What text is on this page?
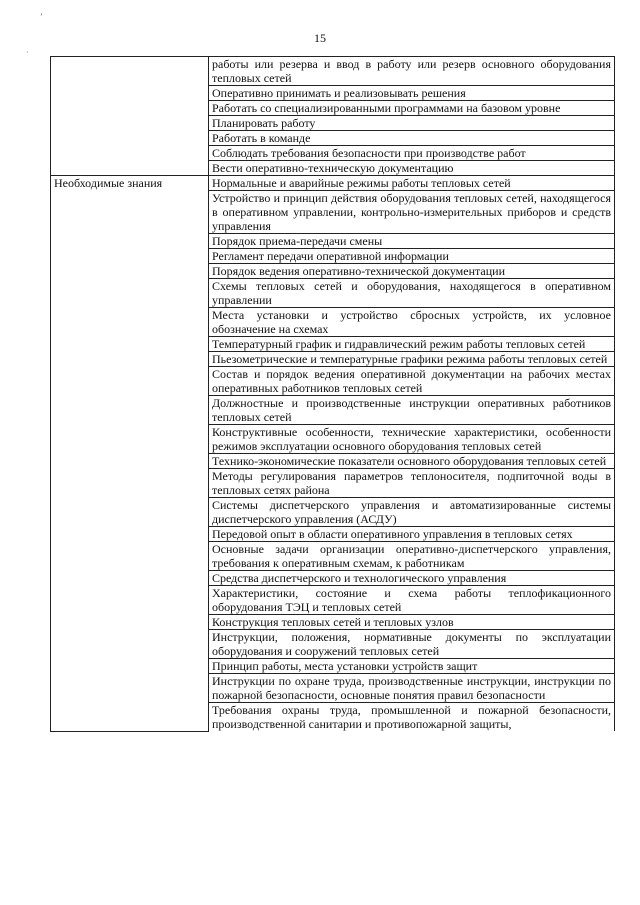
’
·
15
	работы или резерва и ввод в работу или резерв основного оборудования тепловых сетей
	Оперативно принимать и реализовывать решения
	Работать со специализированными программами на базовом уровне
	Планировать работу
	Работать в команде
	Соблюдать требования безопасности при производстве работ
	Вести оперативно-техническую документацию
Необходимые знания	Нормальные и аварийные режимы работы тепловых сетей
	Устройство и принцип действия оборудования тепловых сетей, находящегося в оперативном управлении, контрольно-измерительных приборов и средств управления
	Порядок приема-передачи смены
	Регламент передачи оперативной информации
	Порядок ведения оперативно-технической документации
	Схемы тепловых сетей и оборудования, находящегося в оперативном управлении
	Места установки и устройство сбросных устройств, их условное обозначение на схемах
	Температурный график и гидравлический режим работы тепловых сетей
	Пьезометрические и температурные графики режима работы тепловых сетей
	Состав и порядок ведения оперативной документации на рабочих местах оперативных работников тепловых сетей
	Должностные и производственные инструкции оперативных работников тепловых сетей
	Конструктивные особенности, технические характеристики, особенности режимов эксплуатации основного оборудования тепловых сетей
	Технико-экономические показатели основного оборудования тепловых сетей
	Методы регулирования параметров теплоносителя, подпиточной воды в тепловых сетях района
	Системы диспетчерского управления и автоматизированные системы диспетчерского управления (АСДУ)
	Передовой опыт в области оперативного управления в тепловых сетях
	Основные задачи организации оперативно-диспетчерского управления, требования к оперативным схемам, к работникам
	Средства диспетчерского и технологического управления
	Характеристики, состояние и схема работы теплофикационного оборудования ТЭЦ и тепловых сетей
	Конструкция тепловых сетей и тепловых узлов
	Инструкции, положения, нормативные документы по эксплуатации оборудования и сооружений тепловых сетей
	Принцип работы, места установки устройств защит
	Инструкции по охране труда, производственные инструкции, инструкции по пожарной безопасности, основные понятия правил безопасности
	Требования охраны труда, промышленной и пожарной безопасности, производственной санитарии и противопожарной защиты,
